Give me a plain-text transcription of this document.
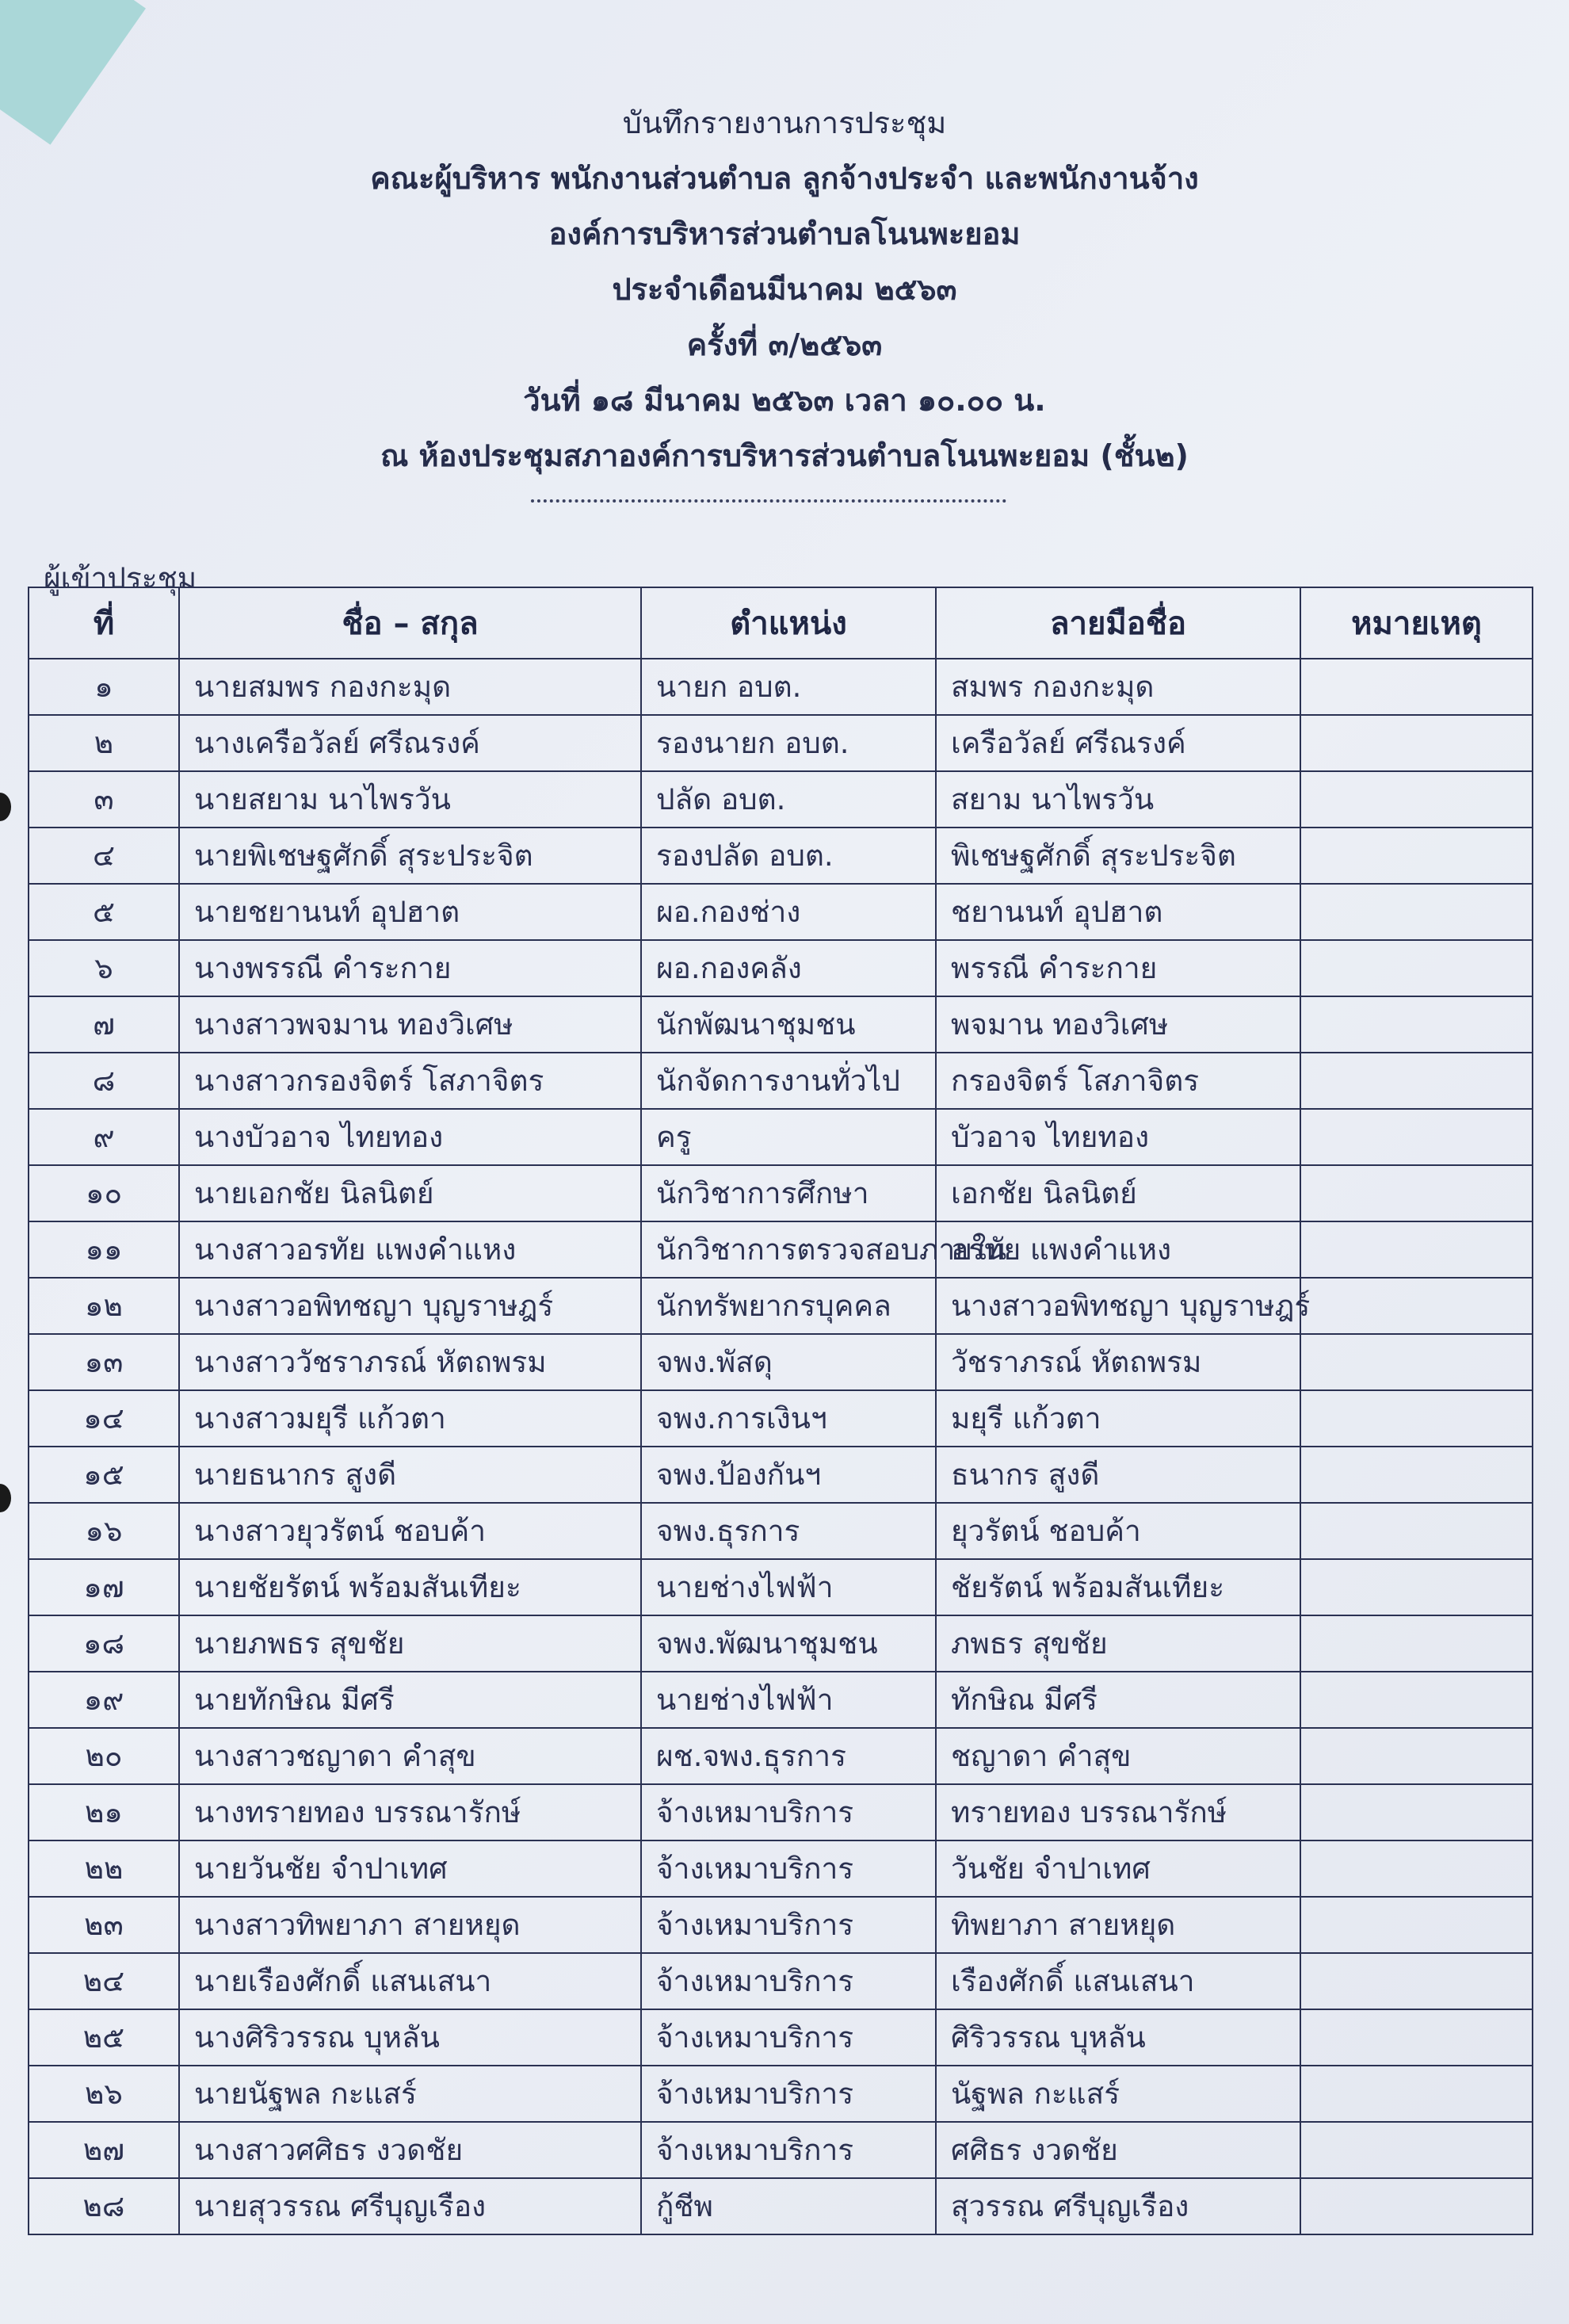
บันทึกรายงานการประชุม
คณะผู้บริหาร พนักงานส่วนตำบล ลูกจ้างประจำ และพนักงานจ้าง
องค์การบริหารส่วนตำบลโนนพะยอม
ประจำเดือนมีนาคม ๒๕๖๓
ครั้งที่ ๓/๒๕๖๓
วันที่ ๑๘ มีนาคม ๒๕๖๓ เวลา ๑๐.๐๐ น.
ณ ห้องประชุมสภาองค์การบริหารส่วนตำบลโนนพะยอม (ชั้น๒)
ผู้เข้าประชุม
ที่	ชื่อ – สกุล	ตำแหน่ง	ลายมือชื่อ	หมายเหตุ
๑	นายสมพร กองกะมุด	นายก อบต.	สมพร กองกะมุด	
๒	นางเครือวัลย์ ศรีณรงค์	รองนายก อบต.	เครือวัลย์ ศรีณรงค์	
๓	นายสยาม นาไพรวัน	ปลัด อบต.	สยาม นาไพรวัน	
๔	นายพิเชษฐศักดิ์ สุระประจิต	รองปลัด อบต.	พิเชษฐศักดิ์ สุระประจิต	
๕	นายชยานนท์ อุปฮาต	ผอ.กองช่าง	ชยานนท์ อุปฮาต	
๖	นางพรรณี คำระกาย	ผอ.กองคลัง	พรรณี คำระกาย	
๗	นางสาวพจมาน ทองวิเศษ	นักพัฒนาชุมชน	พจมาน ทองวิเศษ	
๘	นางสาวกรองจิตร์ โสภาจิตร	นักจัดการงานทั่วไป	กรองจิตร์ โสภาจิตร	
๙	นางบัวอาจ ไทยทอง	ครู	บัวอาจ ไทยทอง	
๑๐	นายเอกชัย นิลนิตย์	นักวิชาการศึกษา	เอกชัย นิลนิตย์	
๑๑	นางสาวอรทัย แพงคำแหง	นักวิชาการตรวจสอบภายใน	อรทัย แพงคำแหง	
๑๒	นางสาวอพิทชญา บุญราษฎร์	นักทรัพยากรบุคคล	นางสาวอพิทชญา บุญราษฎร์	
๑๓	นางสาววัชราภรณ์ หัตถพรม	จพง.พัสดุ	วัชราภรณ์ หัตถพรม	
๑๔	นางสาวมยุรี แก้วตา	จพง.การเงินฯ	มยุรี แก้วตา	
๑๕	นายธนากร สูงดี	จพง.ป้องกันฯ	ธนากร สูงดี	
๑๖	นางสาวยุวรัตน์ ชอบค้า	จพง.ธุรการ	ยุวรัตน์ ชอบค้า	
๑๗	นายชัยรัตน์ พร้อมสันเทียะ	นายช่างไฟฟ้า	ชัยรัตน์ พร้อมสันเทียะ	
๑๘	นายภพธร สุขชัย	จพง.พัฒนาชุมชน	ภพธร สุขชัย	
๑๙	นายทักษิณ มีศรี	นายช่างไฟฟ้า	ทักษิณ มีศรี	
๒๐	นางสาวชญาดา คำสุข	ผช.จพง.ธุรการ	ชญาดา คำสุข	
๒๑	นางทรายทอง บรรณารักษ์	จ้างเหมาบริการ	ทรายทอง บรรณารักษ์	
๒๒	นายวันชัย จำปาเทศ	จ้างเหมาบริการ	วันชัย จำปาเทศ	
๒๓	นางสาวทิพยาภา สายหยุด	จ้างเหมาบริการ	ทิพยาภา สายหยุด	
๒๔	นายเรืองศักดิ์ แสนเสนา	จ้างเหมาบริการ	เรืองศักดิ์ แสนเสนา	
๒๕	นางศิริวรรณ บุหลัน	จ้างเหมาบริการ	ศิริวรรณ บุหลัน	
๒๖	นายนัฐพล กะแสร์	จ้างเหมาบริการ	นัฐพล กะแสร์	
๒๗	นางสาวศศิธร งวดชัย	จ้างเหมาบริการ	ศศิธร งวดชัย	
๒๘	นายสุวรรณ ศรีบุญเรือง	กู้ชีพ	สุวรรณ ศรีบุญเรือง	
